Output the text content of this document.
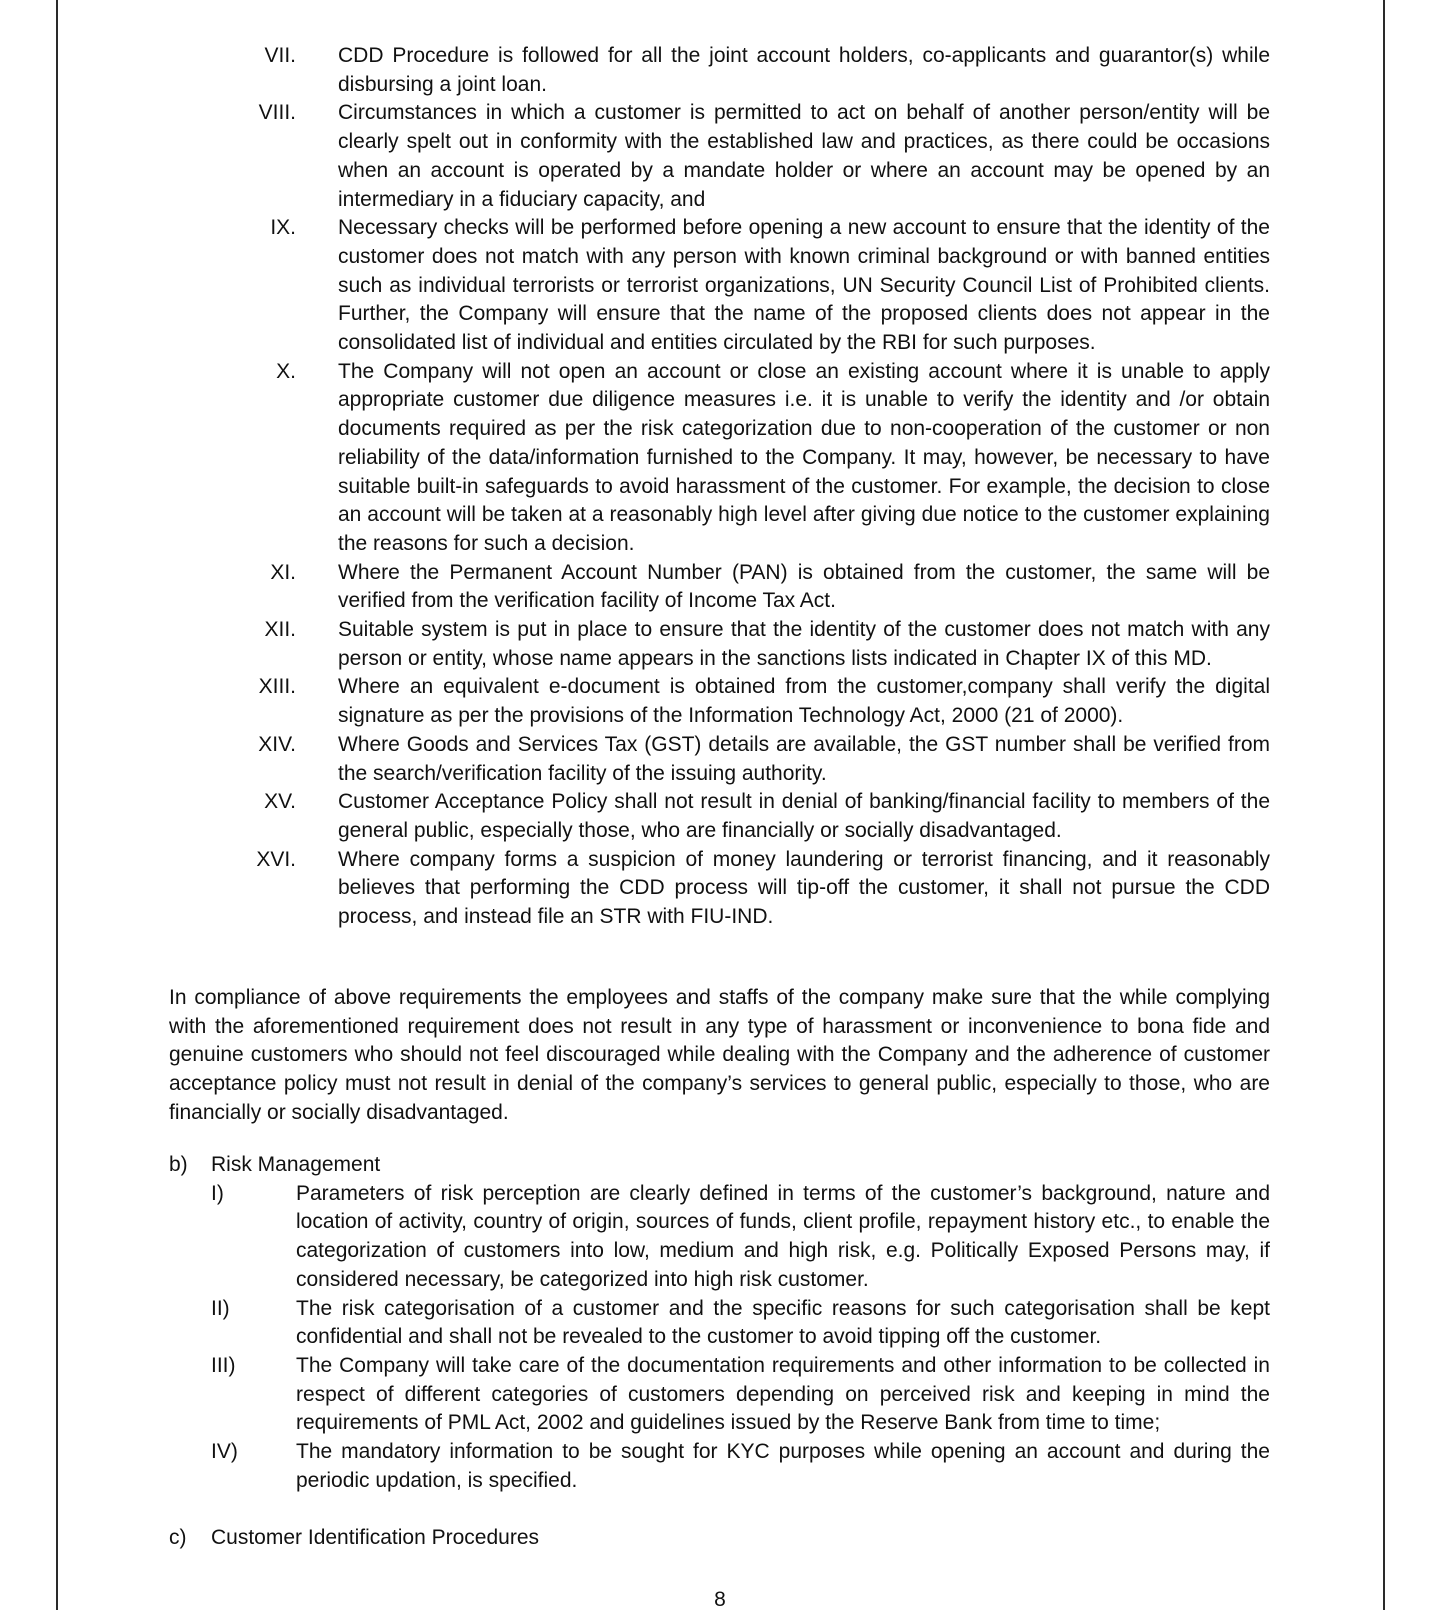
VII. CDD Procedure is followed for all the joint account holders, co-applicants and guarantor(s) while disbursing a joint loan.
VIII. Circumstances in which a customer is permitted to act on behalf of another person/entity will be clearly spelt out in conformity with the established law and practices, as there could be occasions when an account is operated by a mandate holder or where an account may be opened by an intermediary in a fiduciary capacity, and
IX. Necessary checks will be performed before opening a new account to ensure that the identity of the customer does not match with any person with known criminal background or with banned entities such as individual terrorists or terrorist organizations, UN Security Council List of Prohibited clients. Further, the Company will ensure that the name of the proposed clients does not appear in the consolidated list of individual and entities circulated by the RBI for such purposes.
X. The Company will not open an account or close an existing account where it is unable to apply appropriate customer due diligence measures i.e. it is unable to verify the identity and /or obtain documents required as per the risk categorization due to non-cooperation of the customer or non reliability of the data/information furnished to the Company. It may, however, be necessary to have suitable built-in safeguards to avoid harassment of the customer. For example, the decision to close an account will be taken at a reasonably high level after giving due notice to the customer explaining the reasons for such a decision.
XI. Where the Permanent Account Number (PAN) is obtained from the customer, the same will be verified from the verification facility of Income Tax Act.
XII. Suitable system is put in place to ensure that the identity of the customer does not match with any person or entity, whose name appears in the sanctions lists indicated in Chapter IX of this MD.
XIII. Where an equivalent e-document is obtained from the customer,company shall verify the digital signature as per the provisions of the Information Technology Act, 2000 (21 of 2000).
XIV. Where Goods and Services Tax (GST) details are available, the GST number shall be verified from the search/verification facility of the issuing authority.
XV. Customer Acceptance Policy shall not result in denial of banking/financial facility to members of the general public, especially those, who are financially or socially disadvantaged.
XVI. Where company forms a suspicion of money laundering or terrorist financing, and it reasonably believes that performing the CDD process will tip-off the customer, it shall not pursue the CDD process, and instead file an STR with FIU-IND.
In compliance of above requirements the employees and staffs of the company make sure that the while complying with the aforementioned requirement does not result in any type of harassment or inconvenience to bona fide and genuine customers who should not feel discouraged while dealing with the Company and the adherence of customer acceptance policy must not result in denial of the company’s services to general public, especially to those, who are financially or socially disadvantaged.
b)	Risk Management
I)	Parameters of risk perception are clearly defined in terms of the customer’s background, nature and location of activity, country of origin, sources of funds, client profile, repayment history etc., to enable the categorization of customers into low, medium and high risk, e.g. Politically Exposed Persons may, if considered necessary, be categorized into high risk customer.
II)	The risk categorisation of a customer and the specific reasons for such categorisation shall be kept confidential and shall not be revealed to the customer to avoid tipping off the customer.
III)	The Company will take care of the documentation requirements and other information to be collected in respect of different categories of customers depending on perceived risk and keeping in mind the requirements of PML Act, 2002 and guidelines issued by the Reserve Bank from time to time;
IV)	The mandatory information to be sought for KYC purposes while opening an account and during the periodic updation, is specified.
c)	Customer Identification Procedures
8
